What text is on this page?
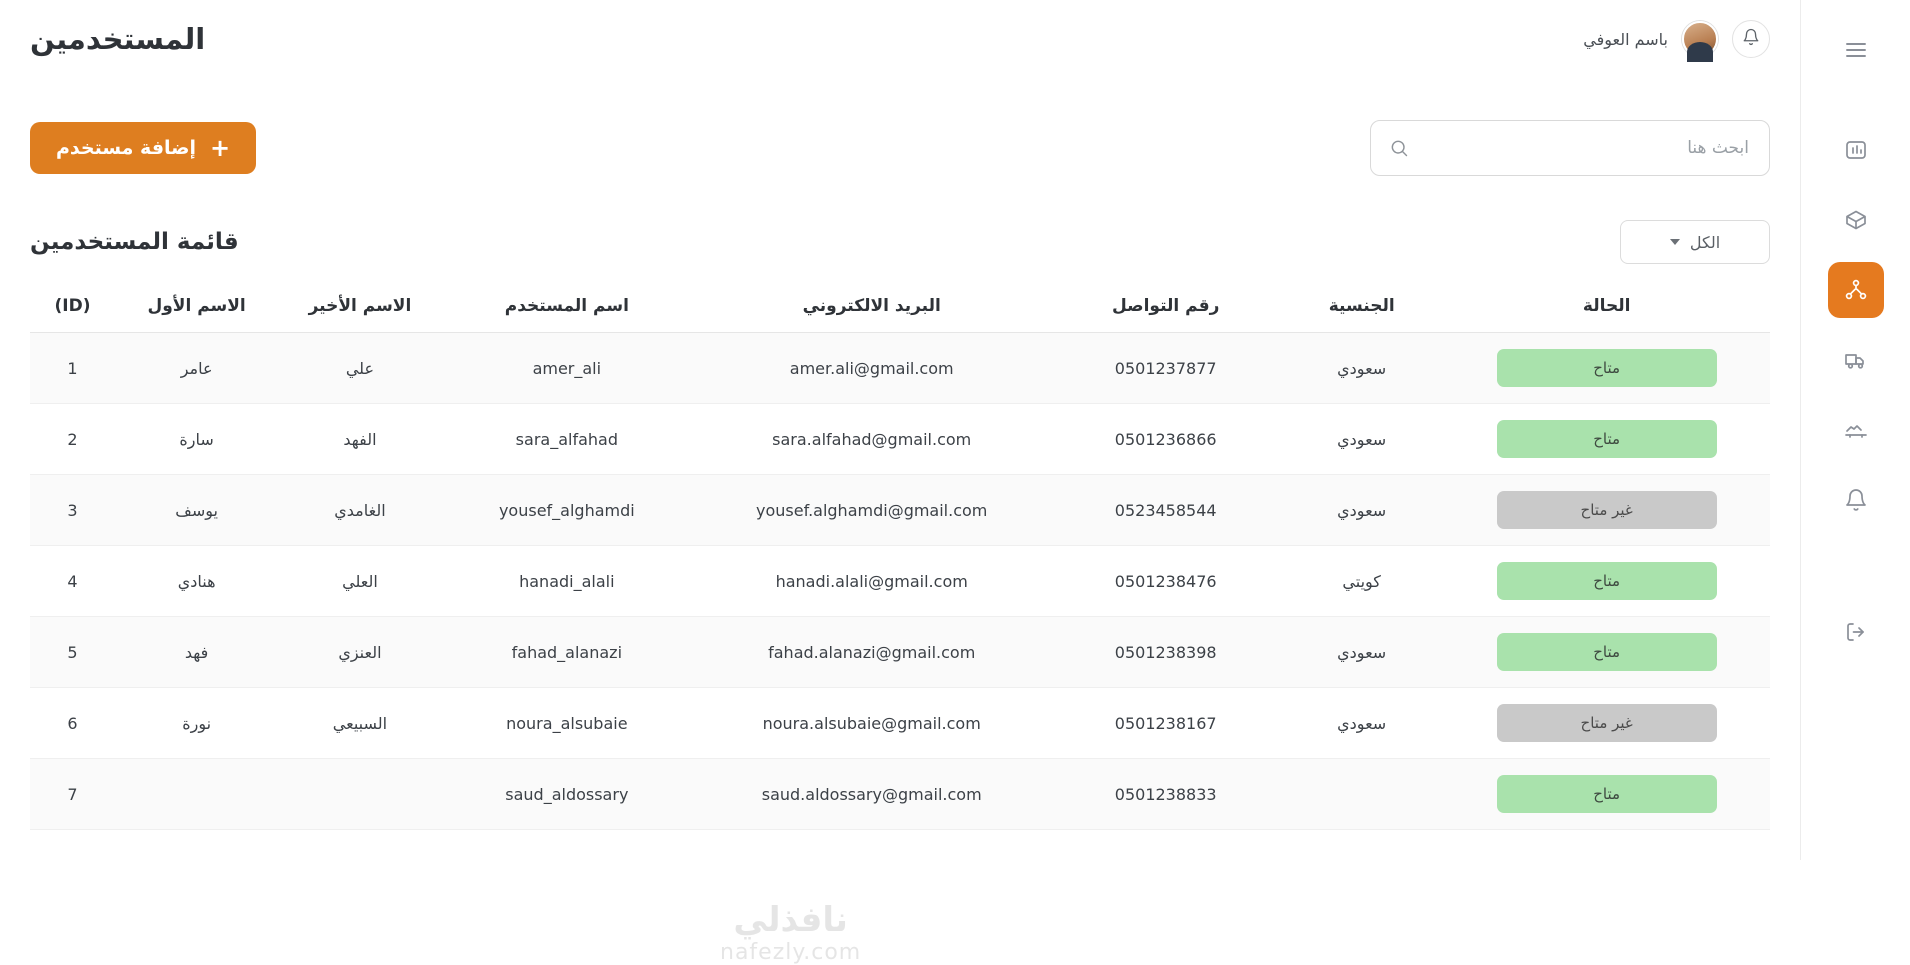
باسم العوفي
المستخدمين
ابحث هنا
+
إضافة مستخدم
الكل
قائمة المستخدمين
الحالة	الجنسية	رقم التواصل	البريد الالكتروني	اسم المستخدم	الاسم الأخير	الاسم الأول	(ID)
متاح	سعودي	0501237877	amer.ali@gmail.com	amer_ali	علي	عامر	1
متاح	سعودي	0501236866	sara.alfahad@gmail.com	sara_alfahad	الفهد	سارة	2
غير متاح	سعودي	0523458544	yousef.alghamdi@gmail.com	yousef_alghamdi	الغامدي	يوسف	3
متاح	كويتي	0501238476	hanadi.alali@gmail.com	hanadi_alali	العلي	هنادي	4
متاح	سعودي	0501238398	fahad.alanazi@gmail.com	fahad_alanazi	العنزي	فهد	5
غير متاح	سعودي	0501238167	noura.alsubaie@gmail.com	noura_alsubaie	السبيعي	نورة	6
متاح		0501238833	saud.aldossary@gmail.com	saud_aldossary			7
نافذلي
nafezly.com
